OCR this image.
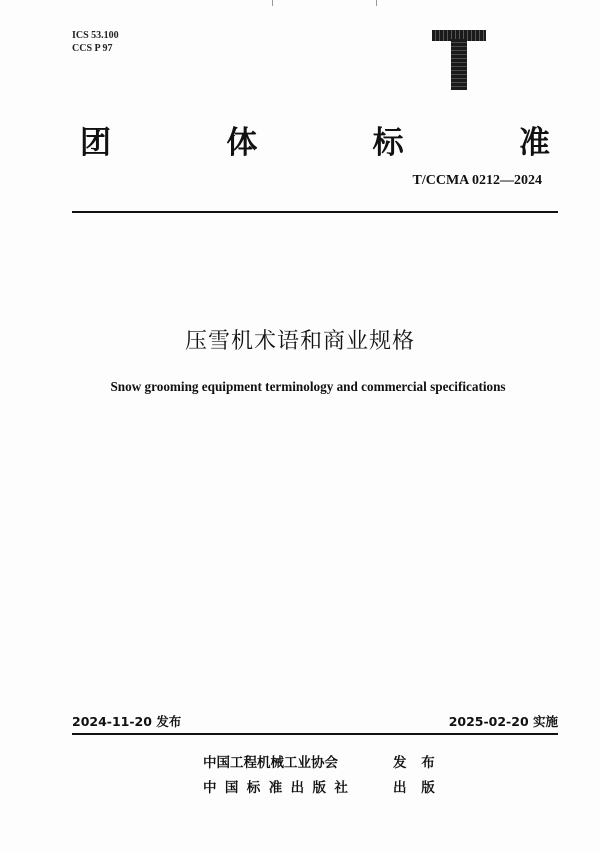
ICS 53.100
CCS P 97
团	体	标	准
T/CCMA 0212—2024
压雪机术语和商业规格
Snow grooming equipment terminology and commercial specifications
2024-11-20 发布	2025-02-20 实施
中国工程机械工业协会	发 布
中国标准出版社	出 版
